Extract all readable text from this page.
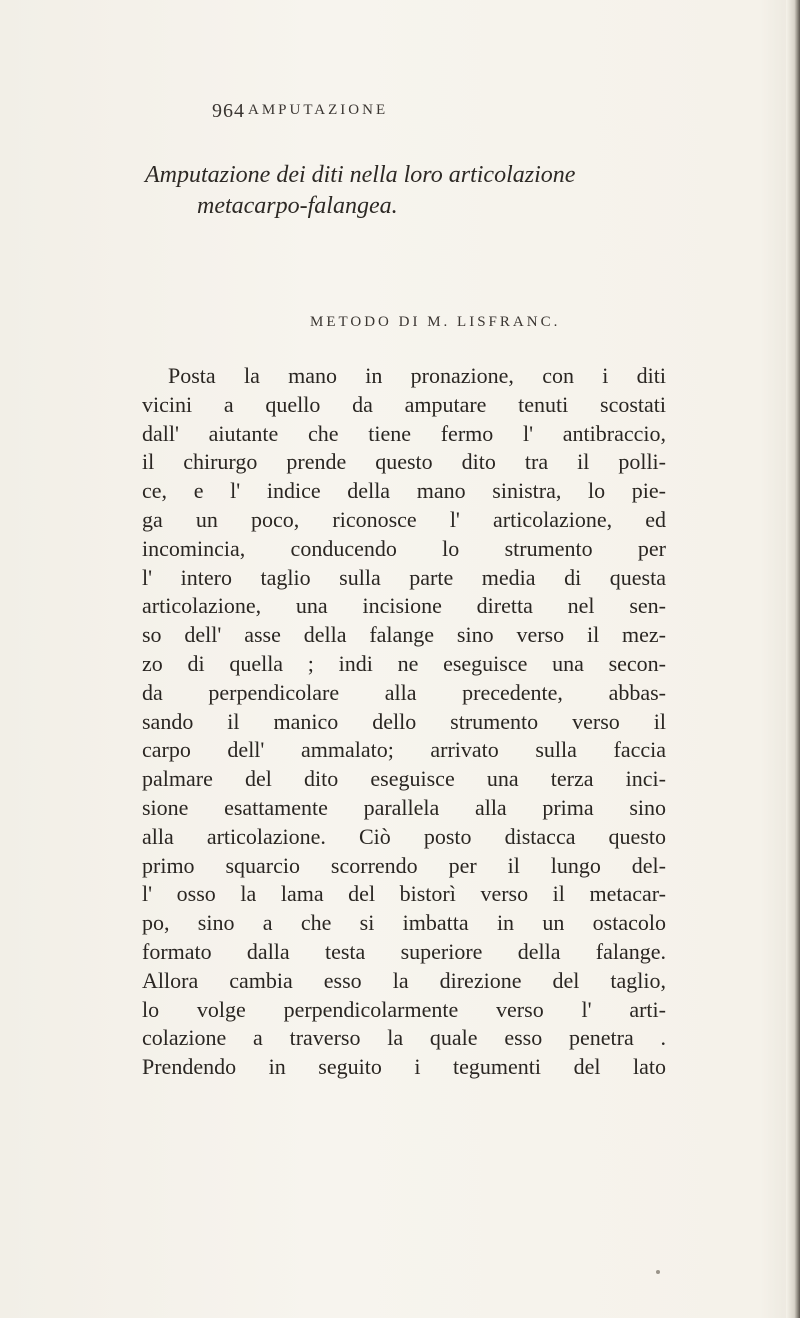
964 AMPUTAZIONE
Amputazione dei diti nella loro articolazione
metacarpo-falangea.
METODO DI M. LISFRANC.
Posta la mano in pronazione, con i diti
vicini a quello da amputare tenuti scostati
dall' aiutante che tiene fermo l' antibraccio,
il chirurgo prende questo dito tra il polli-
ce, e l' indice della mano sinistra, lo pie-
ga un poco, riconosce l' articolazione, ed
incomincia, conducendo lo strumento per
l' intero taglio sulla parte media di questa
articolazione, una incisione diretta nel sen-
so dell' asse della falange sino verso il mez-
zo di quella ; indi ne eseguisce una secon-
da perpendicolare alla precedente, abbas-
sando il manico dello strumento verso il
carpo dell' ammalato; arrivato sulla faccia
palmare del dito eseguisce una terza inci-
sione esattamente parallela alla prima sino
alla articolazione. Ciò posto distacca questo
primo squarcio scorrendo per il lungo del-
l' osso la lama del bistorì verso il metacar-
po, sino a che si imbatta in un ostacolo
formato dalla testa superiore della falange.
Allora cambia esso la direzione del taglio,
lo volge perpendicolarmente verso l' arti-
colazione a traverso la quale esso penetra .
Prendendo in seguito i tegumenti del lato
